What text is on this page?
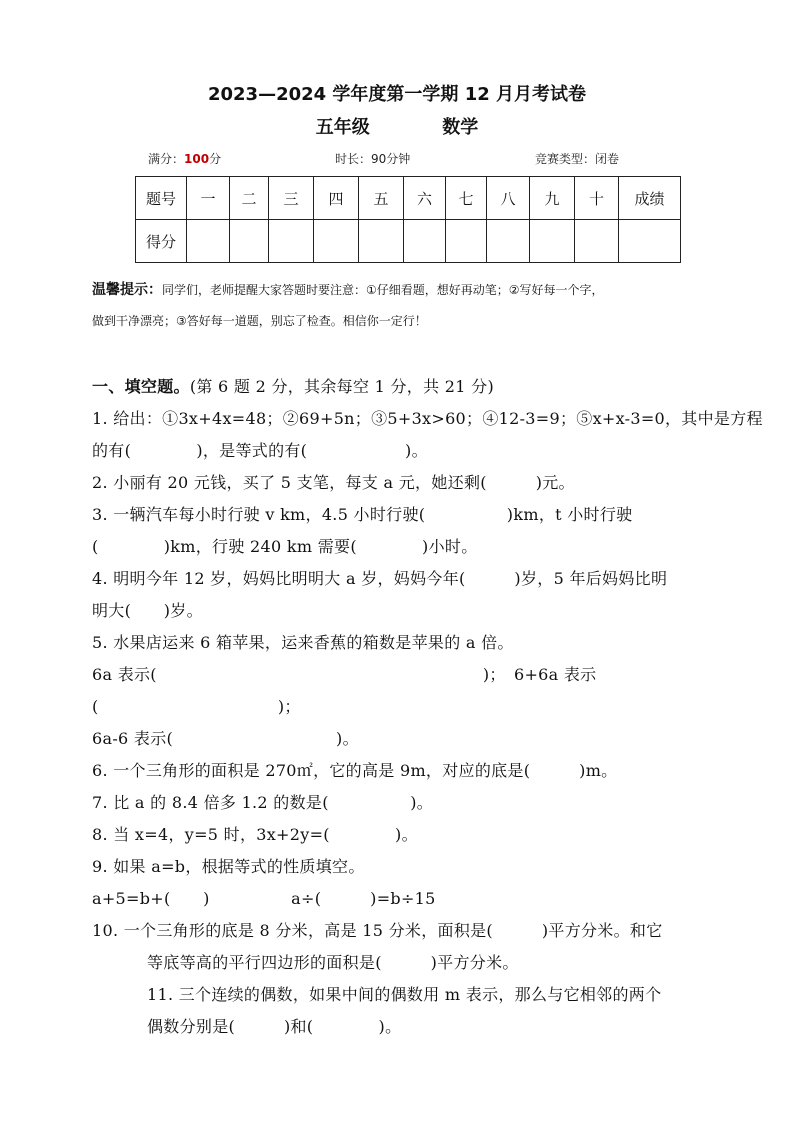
2023—2024 学年度第一学期 12 月月考试卷
五年级	数学
满分：100分	时长：90分钟	竞赛类型：闭卷
题号	一	二	三	四	五	六	七	八	九	十	成绩
得分											
温馨提示：同学们，老师提醒大家答题时要注意：①仔细看题，想好再动笔；②写好每一个字，
做到干净漂亮；③答好每一道题，别忘了检查。相信你一定行！
一、填空题。(第 6 题 2 分，其余每空 1 分，共 21 分)
1. 给出：①3x+4x=48；②69+5n；③5+3x>60；④12-3=9；⑤x+x-3=0，其中是方程
的有(　　　　)，是等式的有(　　　　　　)。
2. 小丽有 20 元钱，买了 5 支笔，每支 a 元，她还剩(　　　)元。
3. 一辆汽车每小时行驶 v km，4.5 小时行驶(　　　　　)km，t 小时行驶
(　　　　)km，行驶 240 km 需要(　　　　)小时。
4. 明明今年 12 岁，妈妈比明明大 a 岁，妈妈今年(　　　)岁，5 年后妈妈比明
明大(　　)岁。
5. 水果店运来 6 箱苹果，运来香蕉的箱数是苹果的 a 倍。
6a 表示(　　　　　　　　　　　　　　　　　　　　)；　6+6a 表示
(　　　　　　　　　　　)；
6a-6 表示(　　　　　　　　　　)。
6. 一个三角形的面积是 270㎡，它的高是 9m，对应的底是(　　　)m。
7. 比 a 的 8.4 倍多 1.2 的数是(　　　　　)。
8. 当 x=4，y=5 时，3x+2y=(　　　　)。
9. 如果 a=b，根据等式的性质填空。
a+5=b+(　　)　　　　　a÷(　　　)=b÷15
10. 一个三角形的底是 8 分米，高是 15 分米，面积是(　　　)平方分米。和它
等底等高的平行四边形的面积是(　　　)平方分米。
11. 三个连续的偶数，如果中间的偶数用 m 表示，那么与它相邻的两个
偶数分别是(　　　)和(　　　　)。
